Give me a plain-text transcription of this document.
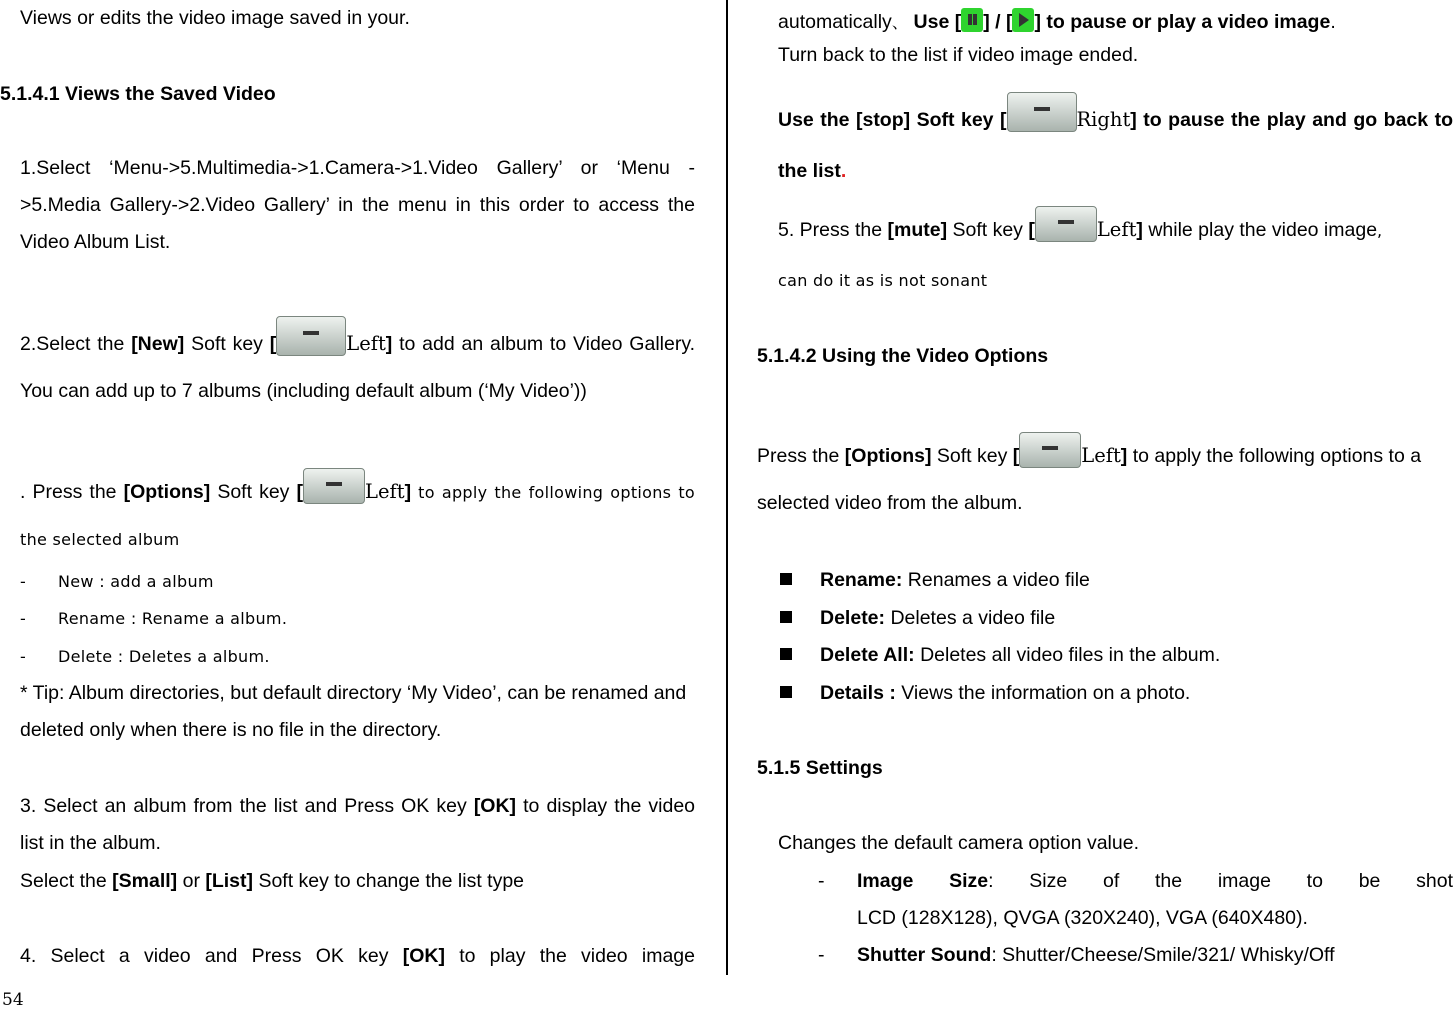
Views or edits the video image saved in your.
5.1.4.1 Views the Saved Video
1.Select ‘Menu->5.Multimedia->1.Camera->1.Video Gallery’ or ‘Menu ->5.Media Gallery->2.Video Gallery’ in the menu in this order to access the Video Album List.
2.Select the [New] Soft key [	Left] to add an album to Video Gallery. You can add up to 7 albums (including default album (‘My Video’))
. Press the [Options] Soft key [	Left] to apply the following options to the selected album
- New : add a album
- Rename : Rename a album.
- Delete : Deletes a album.
* Tip: Album directories, but default directory ‘My Video’, can be renamed and deleted only when there is no file in the directory.
3. Select an album from the list and Press OK key [OK] to display the video list in the album.
Select the [Small] or [List] Soft key to change the list type
4. Select a video and Press OK key [OK] to play the video image
automatically、 Use [ ] / [ ] to pause or play a video image.
Turn back to the list if video image ended.
Use the [stop] Soft key [	Right] to pause the play and go back to the list.
5. Press the [mute] Soft key [	Left] while play the video image,
can do it as is not sonant
5.1.4.2 Using the Video Options
Press the [Options] Soft key [	Left] to apply the following options to a selected video from the album.
Rename: Renames a video file
Delete: Deletes a video file
Delete All: Deletes all video files in the album.
Details : Views the information on a photo.
5.1.5 Settings
Changes the default camera option value.
- Image Size: Size of the image to be shot
LCD (128X128), QVGA (320X240), VGA (640X480).
- Shutter Sound: Shutter/Cheese/Smile/321/ Whisky/Off
54
